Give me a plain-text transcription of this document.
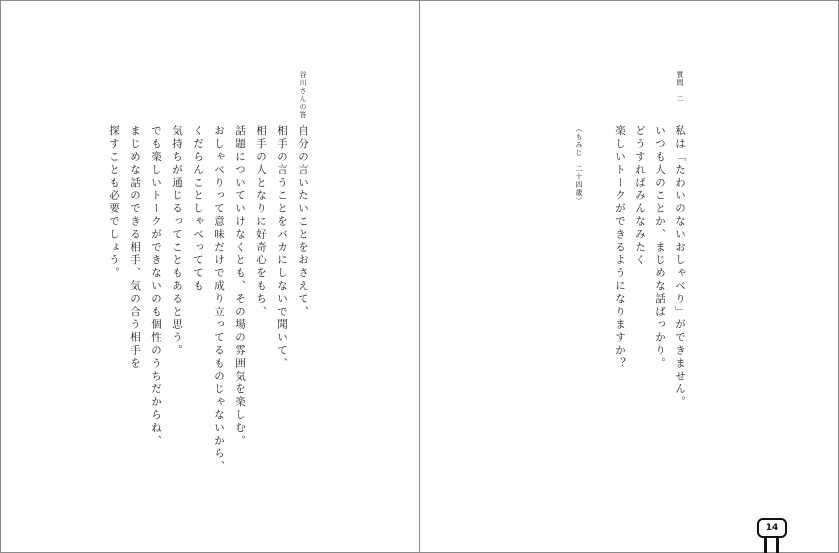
質問　二
私は「たわいのないおしゃべり」ができません。
いつも人のことか、まじめな話ばっかり。
どうすればみんなみたく
楽しいトークができるようになりますか？
（もみじ　二十四歳）
14
谷川さんの答
自分の言いたいことをおさえて、
相手の言うことをバカにしないで聞いて、
相手の人となりに好奇心をもち、
話題についていけなくとも、その場の雰囲気を楽しむ。
おしゃべりって意味だけで成り立ってるものじゃないから、
くだらんことしゃべってても
気持ちが通じるってこともあると思う。
でも楽しいトークができないのも個性のうちだからね、
まじめな話のできる相手、気の合う相手を
探すことも必要でしょう。
